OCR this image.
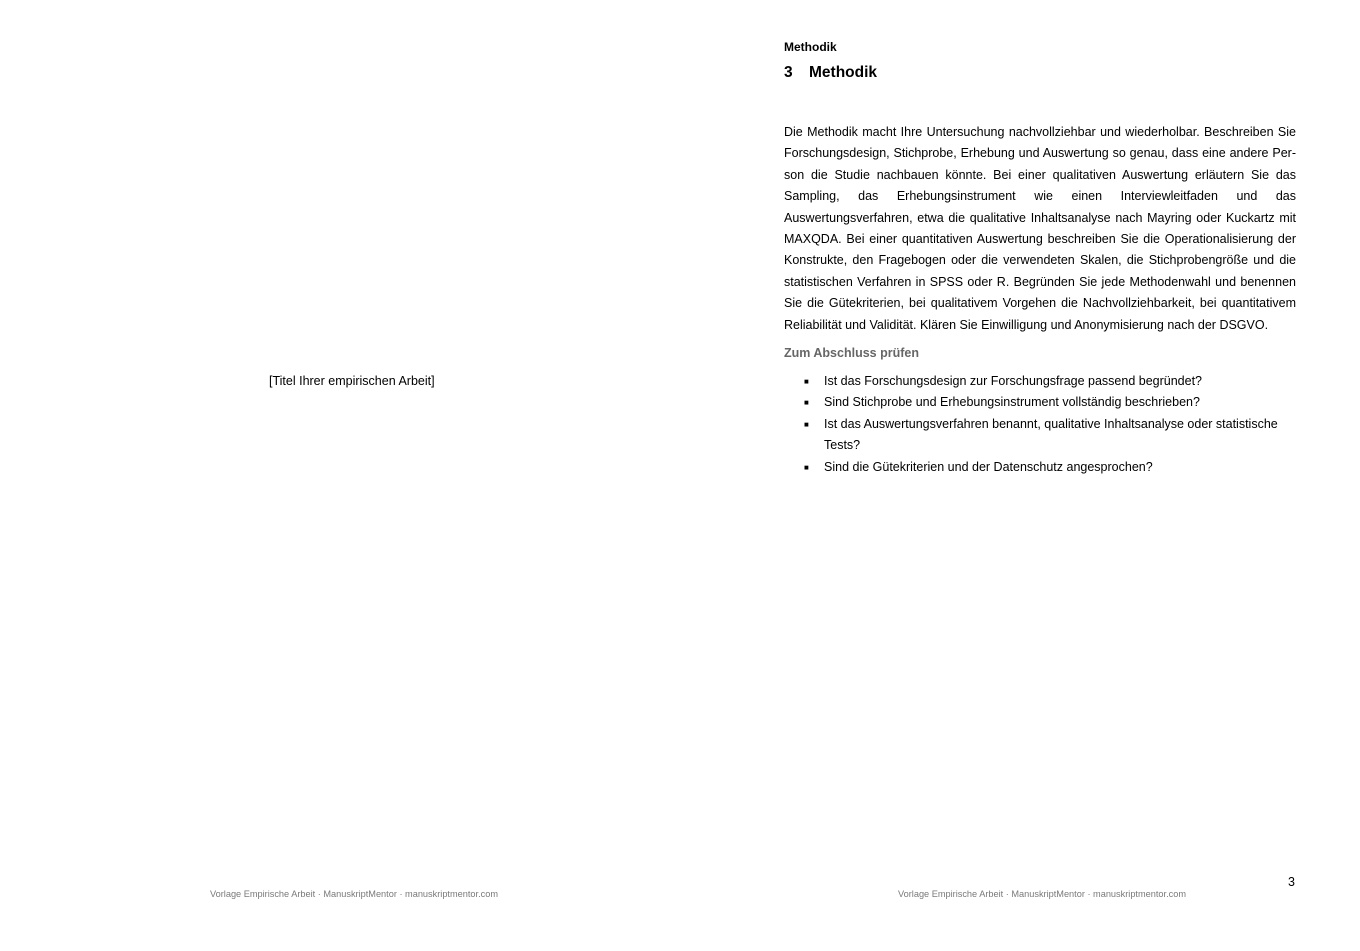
[Titel Ihrer empirischen Arbeit]
Vorlage Empirische Arbeit · ManuskriptMentor · manuskriptmentor.com
Methodik
3 Methodik

Die Methodik macht Ihre Untersuchung nachvollziehbar und wiederholbar. Beschreiben Sie Forschungsdesign, Stichprobe, Erhebung und Auswertung so genau, dass eine andere Person die Studie nachbauen könnte. Bei einer qualitativen Auswertung erläutern Sie das Sampling, das Erhebungsinstrument wie einen Interviewleitfaden und das Auswertungsverfahren, etwa die qualitative Inhaltsanalyse nach Mayring oder Kuckartz mit MAXQDA. Bei einer quantitativen Auswertung beschreiben Sie die Operationalisierung der Konstrukte, den Fragebogen oder die verwendeten Skalen, die Stichprobengröße und die statistischen Verfahren in SPSS oder R. Begründen Sie jede Methodenwahl und benennen Sie die Gütekriterien, bei qualitativem Vorgehen die Nachvollziehbarkeit, bei quantitativem Reliabilität und Validität. Klären Sie Einwilligung und Anonymisierung nach der DSGVO.

Zum Abschluss prüfen
■	Ist das Forschungsdesign zur Forschungsfrage passend begründet?
■	Sind Stichprobe und Erhebungsinstrument vollständig beschrieben?
■	Ist das Auswertungsverfahren benannt, qualitative Inhaltsanalyse oder statistische Tests?
■	Sind die Gütekriterien und der Datenschutz angesprochen?
3
Vorlage Empirische Arbeit · ManuskriptMentor · manuskriptmentor.com
